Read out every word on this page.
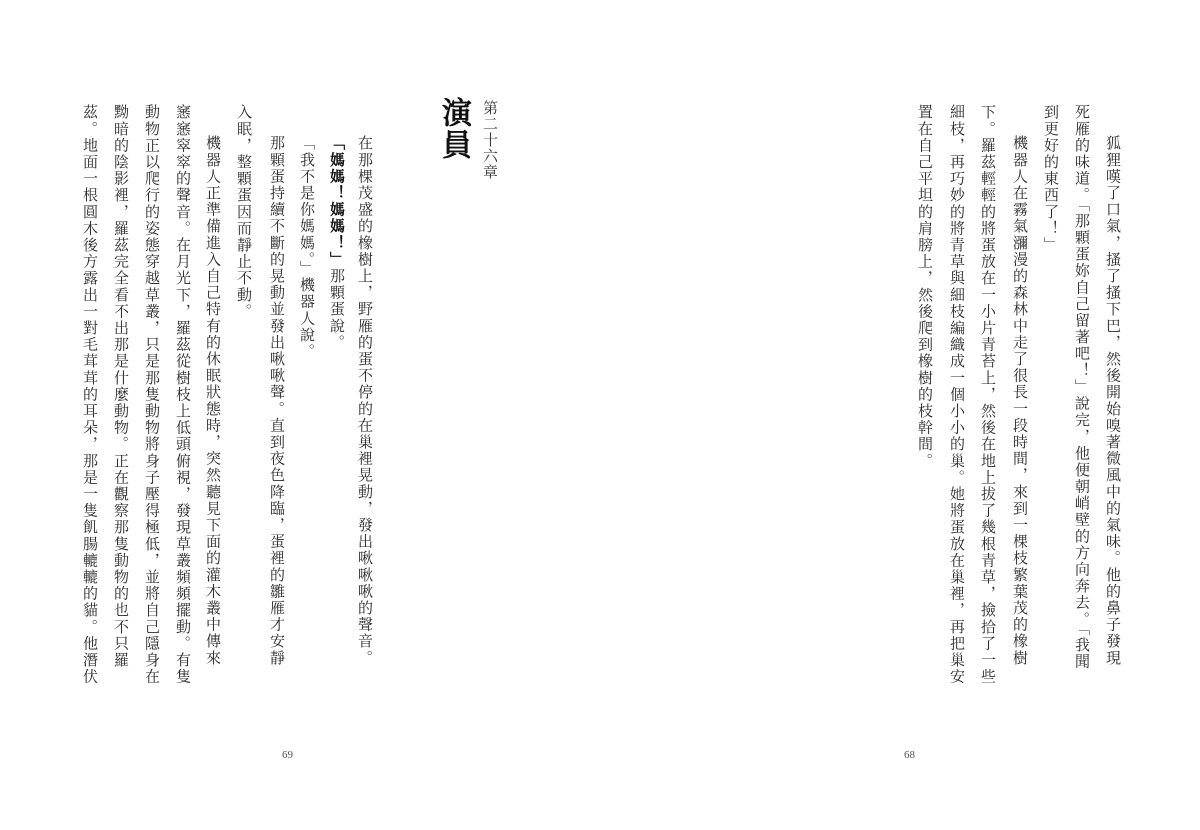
第二十六章
演員
在那棵茂盛的橡樹上，野雁的蛋不停的在巢裡晃動，發出啾啾啾的聲音。
「媽媽！媽媽！」那顆蛋說。
「我不是你媽媽。」機器人說。
那顆蛋持續不斷的晃動並發出啾啾聲。直到夜色降臨，蛋裡的雛雁才安靜
入眠，整顆蛋因而靜止不動。
機器人正準備進入自己特有的休眠狀態時，突然聽見下面的灌木叢中傳來
窸窸窣窣的聲音。在月光下，羅茲從樹枝上低頭俯視，發現草叢頻頻擺動。有隻
動物正以爬行的姿態穿越草叢，只是那隻動物將身子壓得極低，並將自己隱身在
黝暗的陰影裡，羅茲完全看不出那是什麼動物。正在觀察那隻動物的也不只羅
茲。地面一根圓木後方露出一對毛茸茸的耳朵，那是一隻飢腸轆轆的貓。他潛伏
69
狐狸嘆了口氣，搔了搔下巴，然後開始嗅著微風中的氣味。他的鼻子發現
死雁的味道。「那顆蛋妳自己留著吧！」說完，他便朝峭壁的方向奔去。「我聞
到更好的東西了！」
機器人在霧氣瀰漫的森林中走了很長一段時間，來到一棵枝繁葉茂的橡樹
下。羅茲輕輕的將蛋放在一小片青苔上，然後在地上拔了幾根青草，撿拾了一些
細枝，再巧妙的將青草與細枝編織成一個小小的巢。她將蛋放在巢裡，再把巢安
置在自己平坦的肩膀上，然後爬到橡樹的枝幹間。
68
